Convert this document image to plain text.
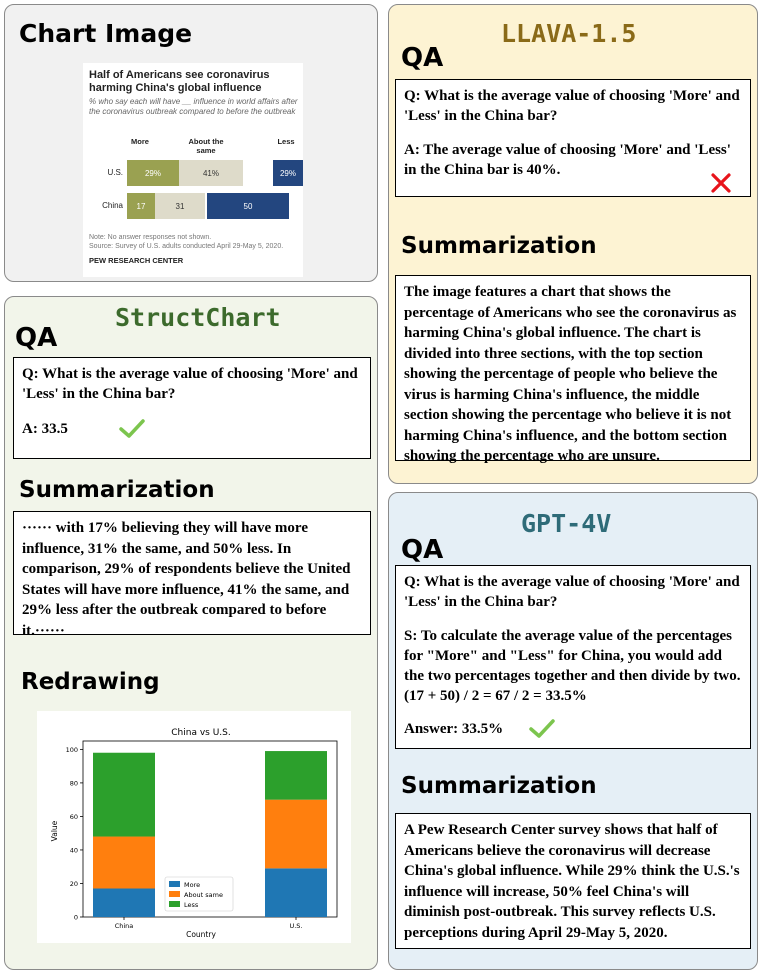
Chart Image
Half of Americans see coronavirus harming China's global influence
% who say each will have __ influence in world affairs after the coronavirus outbreak compared to before the outbreak
More	About the same
Less
U.S.	29%	41%	29%
China	17	31	50
Note: No answer responses not shown.
Source: Survey of U.S. adults conducted April 29-May 5, 2020.
PEW RESEARCH CENTER
StructChart
QA
Q: What is the average value of choosing 'More' and 'Less' in the China bar?
A: 33.5
Summarization
······ with 17% believing they will have more influence, 31% the same, and 50% less. In comparison, 29% of respondents believe the United States will have more influence, 41% the same, and 29% less after the outbreak compared to before it.······
Redrawing
China vs U.S.
0
20
40
60
80
100
China	U.S.
Country
Value
More
About same
Less
LLAVA-1.5
QA
Q: What is the average value of choosing 'More' and 'Less' in the China bar?
A: The average value of choosing 'More' and 'Less' in the China bar is 40%.
Summarization
The image features a chart that shows the percentage of Americans who see the coronavirus as harming China's global influence. The chart is divided into three sections, with the top section showing the percentage of people who believe the virus is harming China's influence, the middle section showing the percentage who believe it is not harming China's influence, and the bottom section showing the percentage who are unsure.
GPT-4V
QA
Q: What is the average value of choosing 'More' and 'Less' in the China bar?
S: To calculate the average value of the percentages for "More" and "Less" for China, you would add the two percentages together and then divide by two. (17 + 50) / 2 = 67 / 2 = 33.5%
Answer: 33.5%
Summarization
A Pew Research Center survey shows that half of Americans believe the coronavirus will decrease China's global influence. While 29% think the U.S.'s influence will increase, 50% feel China's will diminish post-outbreak. This survey reflects U.S. perceptions during April 29-May 5, 2020.
